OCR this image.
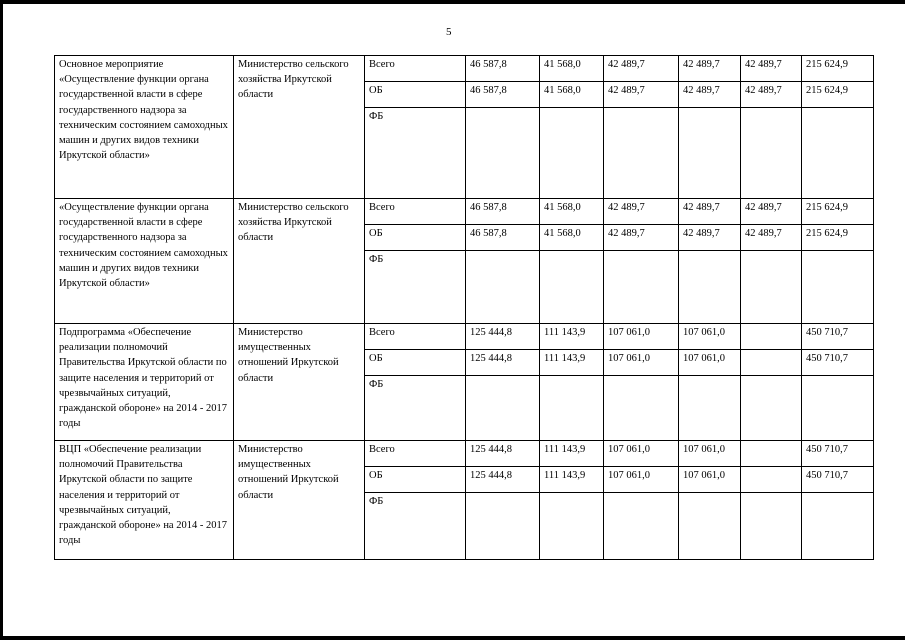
5
Основное мероприятие «Осуществление функции органа государственной власти в сфере государственного надзора за техническим состоянием самоходных машин и других видов техники Иркутской области»	Министерство сельского хозяйства Иркутской области	Всего	46 587,8	41 568,0	42 489,7	42 489,7	42 489,7	215 624,9
		ОБ	46 587,8	41 568,0	42 489,7	42 489,7	42 489,7	215 624,9
		ФБ						
«Осуществление функции органа государственной власти в сфере государственного надзора за техническим состоянием самоходных машин и других видов техники Иркутской области»	Министерство сельского хозяйства Иркутской области	Всего	46 587,8	41 568,0	42 489,7	42 489,7	42 489,7	215 624,9
		ОБ	46 587,8	41 568,0	42 489,7	42 489,7	42 489,7	215 624,9
		ФБ						
Подпрограмма «Обеспечение реализации полномочий Правительства Иркутской области по защите населения и территорий от чрезвычайных ситуаций, гражданской обороне» на 2014 - 2017 годы	Министерство имущественных отношений Иркутской области	Всего	125 444,8	111 143,9	107 061,0	107 061,0		450 710,7
		ОБ	125 444,8	111 143,9	107 061,0	107 061,0		450 710,7
		ФБ						
ВЦП «Обеспечение реализации полномочий Правительства Иркутской области по защите населения и территорий от чрезвычайных ситуаций, гражданской обороне» на 2014 - 2017 годы	Министерство имущественных отношений Иркутской области	Всего	125 444,8	111 143,9	107 061,0	107 061,0		450 710,7
		ОБ	125 444,8	111 143,9	107 061,0	107 061,0		450 710,7
		ФБ						
